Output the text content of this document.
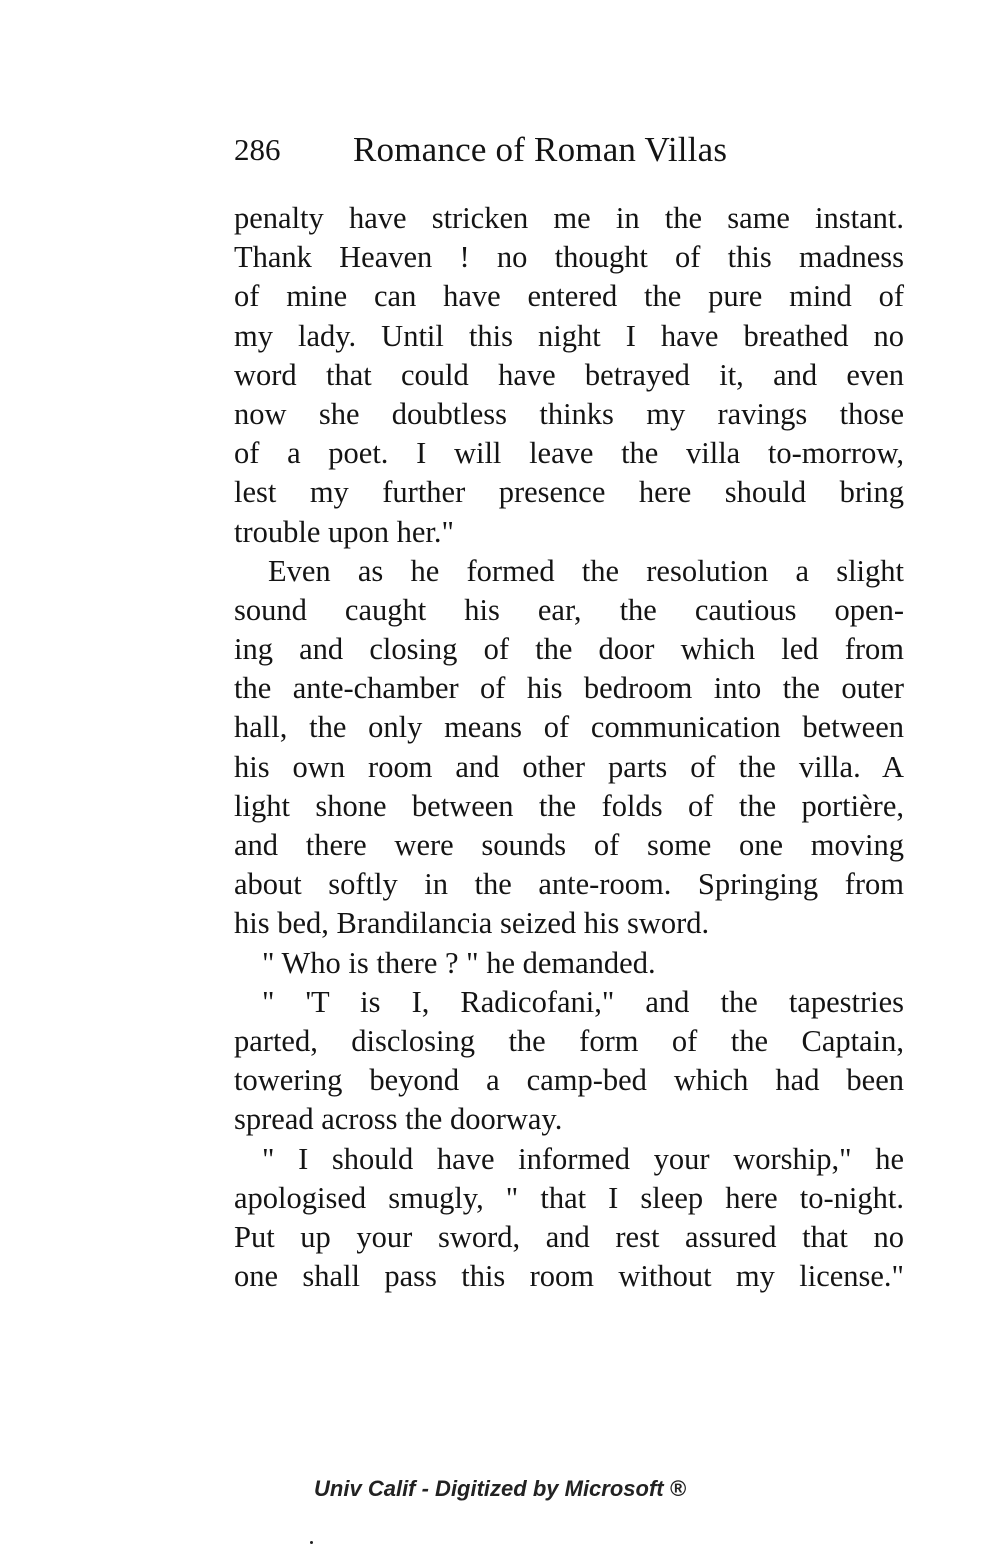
286 Romance of Roman Villas
penalty have stricken me in the same instant.
Thank Heaven ! no thought of this madness
of mine can have entered the pure mind of
my lady. Until this night I have breathed no
word that could have betrayed it, and even
now she doubtless thinks my ravings those
of a poet. I will leave the villa to-morrow,
lest my further presence here should bring
trouble upon her."
Even as he formed the resolution a slight
sound caught his ear, the cautious open-
ing and closing of the door which led from
the ante-chamber of his bedroom into the outer
hall, the only means of communication between
his own room and other parts of the villa. A
light shone between the folds of the portière,
and there were sounds of some one moving
about softly in the ante-room. Springing from
his bed, Brandilancia seized his sword.
" Who is there ? " he demanded.
" 'T is I, Radicofani," and the tapestries
parted, disclosing the form of the Captain,
towering beyond a camp-bed which had been
spread across the doorway.
" I should have informed your worship," he
apologised smugly, " that I sleep here to-night.
Put up your sword, and rest assured that no
one shall pass this room without my license."
Univ Calif - Digitized by Microsoft ®
